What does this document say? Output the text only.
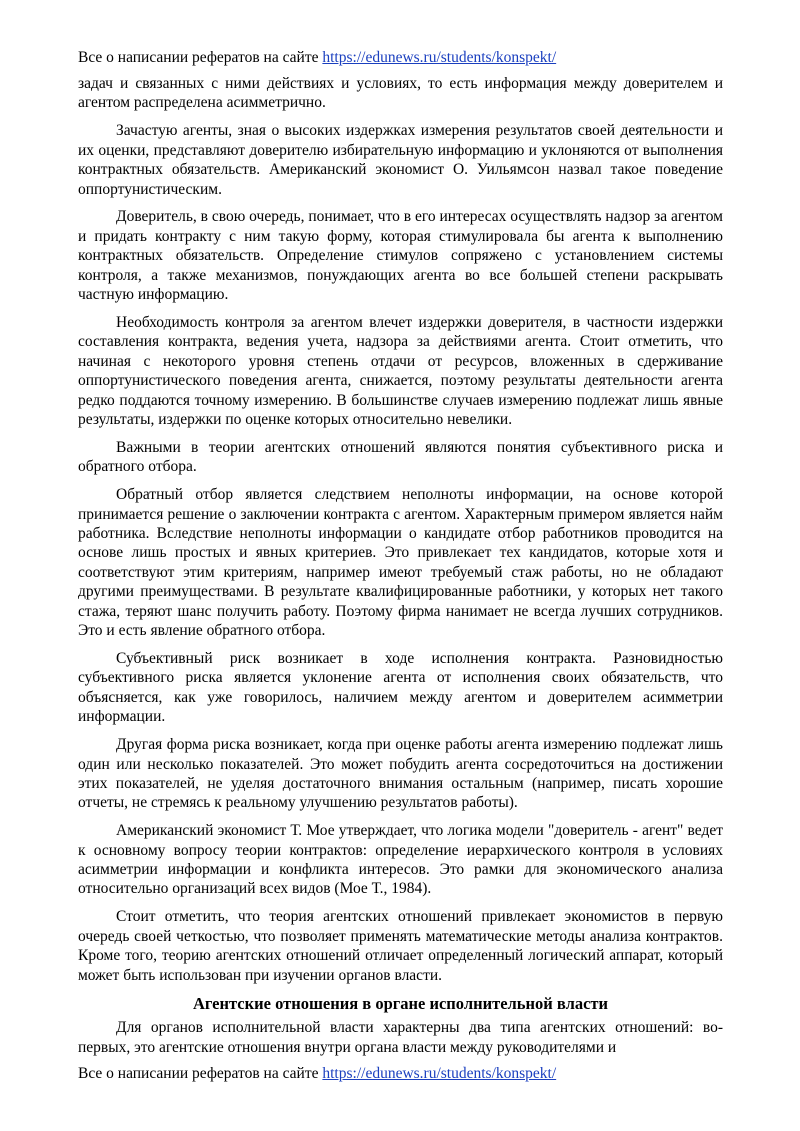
Все о написании рефератов на сайте https://edunews.ru/students/konspekt/

задач и связанных с ними действиях и условиях, то есть информация между доверителем и агентом распределена асимметрично.

Зачастую агенты, зная о высоких издержках измерения результатов своей деятельности и их оценки, представляют доверителю избирательную информацию и уклоняются от выполнения контрактных обязательств. Американский экономист О. Уильямсон назвал такое поведение оппортунистическим.

Доверитель, в свою очередь, понимает, что в его интересах осуществлять надзор за агентом и придать контракту с ним такую форму, которая стимулировала бы агента к выполнению контрактных обязательств. Определение стимулов сопряжено с установлением системы контроля, а также механизмов, понуждающих агента во все большей степени раскрывать частную информацию.

Необходимость контроля за агентом влечет издержки доверителя, в частности издержки составления контракта, ведения учета, надзора за действиями агента. Стоит отметить, что начиная с некоторого уровня степень отдачи от ресурсов, вложенных в сдерживание оппортунистического поведения агента, снижается, поэтому результаты деятельности агента редко поддаются точному измерению. В большинстве случаев измерению подлежат лишь явные результаты, издержки по оценке которых относительно невелики.

Важными в теории агентских отношений являются понятия субъективного риска и обратного отбора.

Обратный отбор является следствием неполноты информации, на основе которой принимается решение о заключении контракта с агентом. Характерным примером является найм работника. Вследствие неполноты информации о кандидате отбор работников проводится на основе лишь простых и явных критериев. Это привлекает тех кандидатов, которые хотя и соответствуют этим критериям, например имеют требуемый стаж работы, но не обладают другими преимуществами. В результате квалифицированные работники, у которых нет такого стажа, теряют шанс получить работу. Поэтому фирма нанимает не всегда лучших сотрудников. Это и есть явление обратного отбора.

Субъективный риск возникает в ходе исполнения контракта. Разновидностью субъективного риска является уклонение агента от исполнения своих обязательств, что объясняется, как уже говорилось, наличием между агентом и доверителем асимметрии информации.

Другая форма риска возникает, когда при оценке работы агента измерению подлежат лишь один или несколько показателей. Это может побудить агента сосредоточиться на достижении этих показателей, не уделяя достаточного внимания остальным (например, писать хорошие отчеты, не стремясь к реальному улучшению результатов работы).

Американский экономист Т. Мое утверждает, что логика модели "доверитель - агент" ведет к основному вопросу теории контрактов: определение иерархического контроля в условиях асимметрии информации и конфликта интересов. Это рамки для экономического анализа относительно организаций всех видов (Мое Т., 1984).

Стоит отметить, что теория агентских отношений привлекает экономистов в первую очередь своей четкостью, что позволяет применять математические методы анализа контрактов. Кроме того, теорию агентских отношений отличает определенный логический аппарат, который может быть использован при изучении органов власти.

Агентские отношения в органе исполнительной власти

Для органов исполнительной власти характерны два типа агентских отношений: во-первых, это агентские отношения внутри органа власти между руководителями и

Все о написании рефератов на сайте https://edunews.ru/students/konspekt/
